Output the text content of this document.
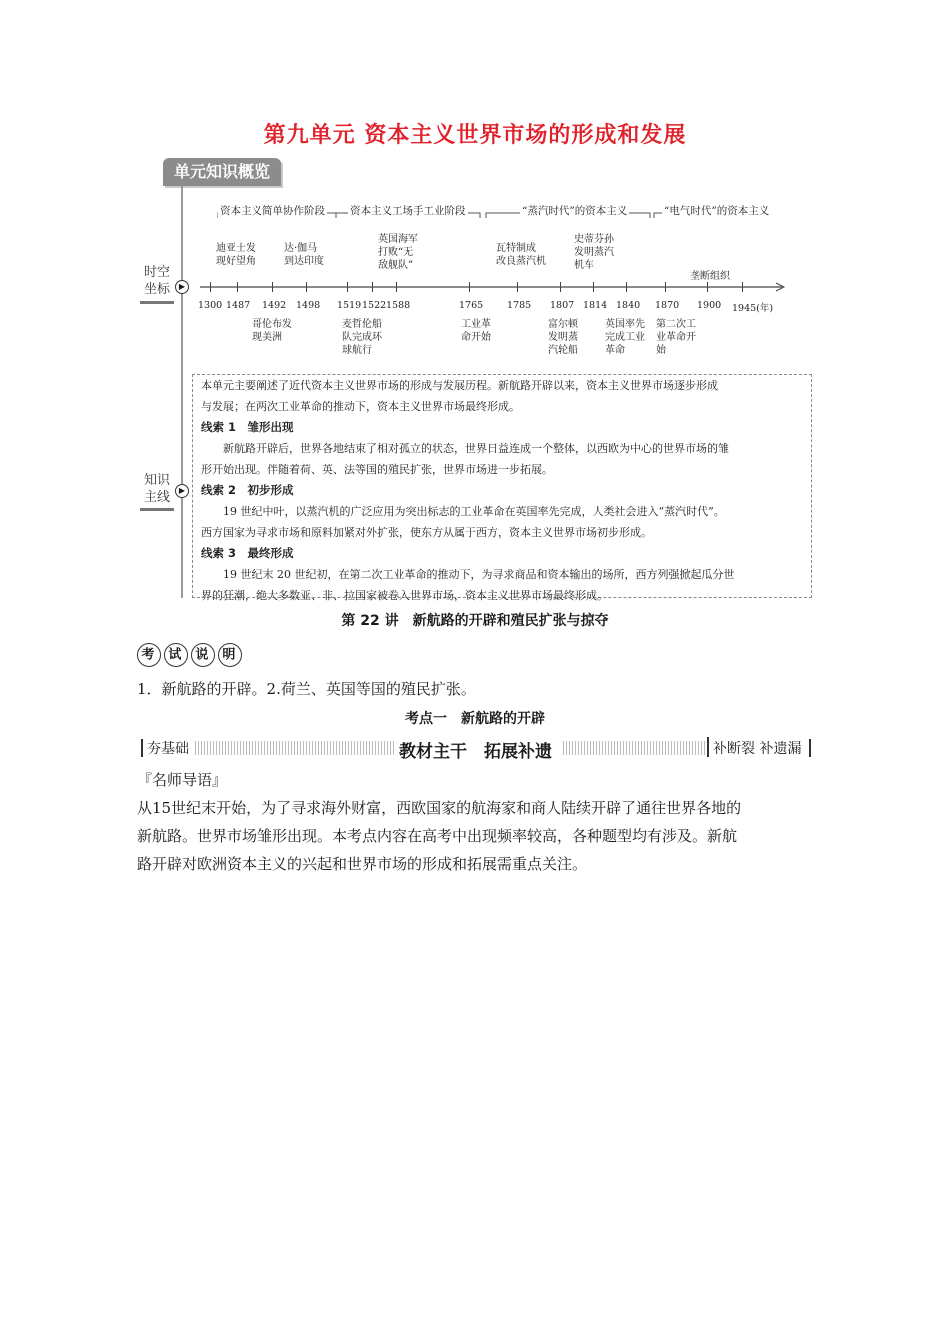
第九单元 资本主义世界市场的形成和发展
单元知识概览
时空
坐标	▶
知识
主线	▶
资本主义简单协作阶段 资本主义工场手工业阶段	“蒸汽时代”的资本主义	“电气时代”的资本主义
迪亚士发
现好望角
达·伽马
到达印度
英国海军
打败“无
敌舰队”
瓦特制成
改良蒸汽机
史蒂芬孙
发明蒸汽
机车
垄断组织
1300 1487 1492 1498 1519 1522 1588	1765	1785 1807 1814 1840 1870 1900 1945(年)
哥伦布发
现美洲
麦哲伦船
队完成环
球航行
工业革
命开始
富尔顿
发明蒸
汽轮船
英国率先
完成工业
革命
第二次工
业革命开
始
本单元主要阐述了近代资本主义世界市场的形成与发展历程。新航路开辟以来，资本主义世界市场逐步形成
与发展；在两次工业革命的推动下，资本主义世界市场最终形成。
线索 1　 雏形出现
新航路开辟后，世界各地结束了相对孤立的状态，世界日益连成一个整体，以西欧为中心的世界市场的雏
形开始出现。伴随着荷、英、法等国的殖民扩张，世界市场进一步拓展。
线索 2　 初步形成
19 世纪中叶，以蒸汽机的广泛应用为突出标志的工业革命在英国率先完成，人类社会进入“蒸汽时代”。
西方国家为寻求市场和原料加紧对外扩张，使东方从属于西方，资本主义世界市场初步形成。
线索 3　 最终形成
19 世纪末 20 世纪初，在第二次工业革命的推动下，为寻求商品和资本输出的场所，西方列强掀起瓜分世
界的狂潮，绝大多数亚、非、拉国家被卷入世界市场，资本主义世界市场最终形成。
第 22 讲　新航路的开辟和殖民扩张与掠夺
考 试 说 明
1．新航路的开辟。2.荷兰、英国等国的殖民扩张。
考点一　新航路的开辟
夯基础	教材主干　拓展补遗	补断裂 补遗漏
『名师导语』
从15世纪末开始，为了寻求海外财富，西欧国家的航海家和商人陆续开辟了通往世界各地的
新航路。世界市场雏形出现。本考点内容在高考中出现频率较高，各种题型均有涉及。新航
路开辟对欧洲资本主义的兴起和世界市场的形成和拓展需重点关注。
